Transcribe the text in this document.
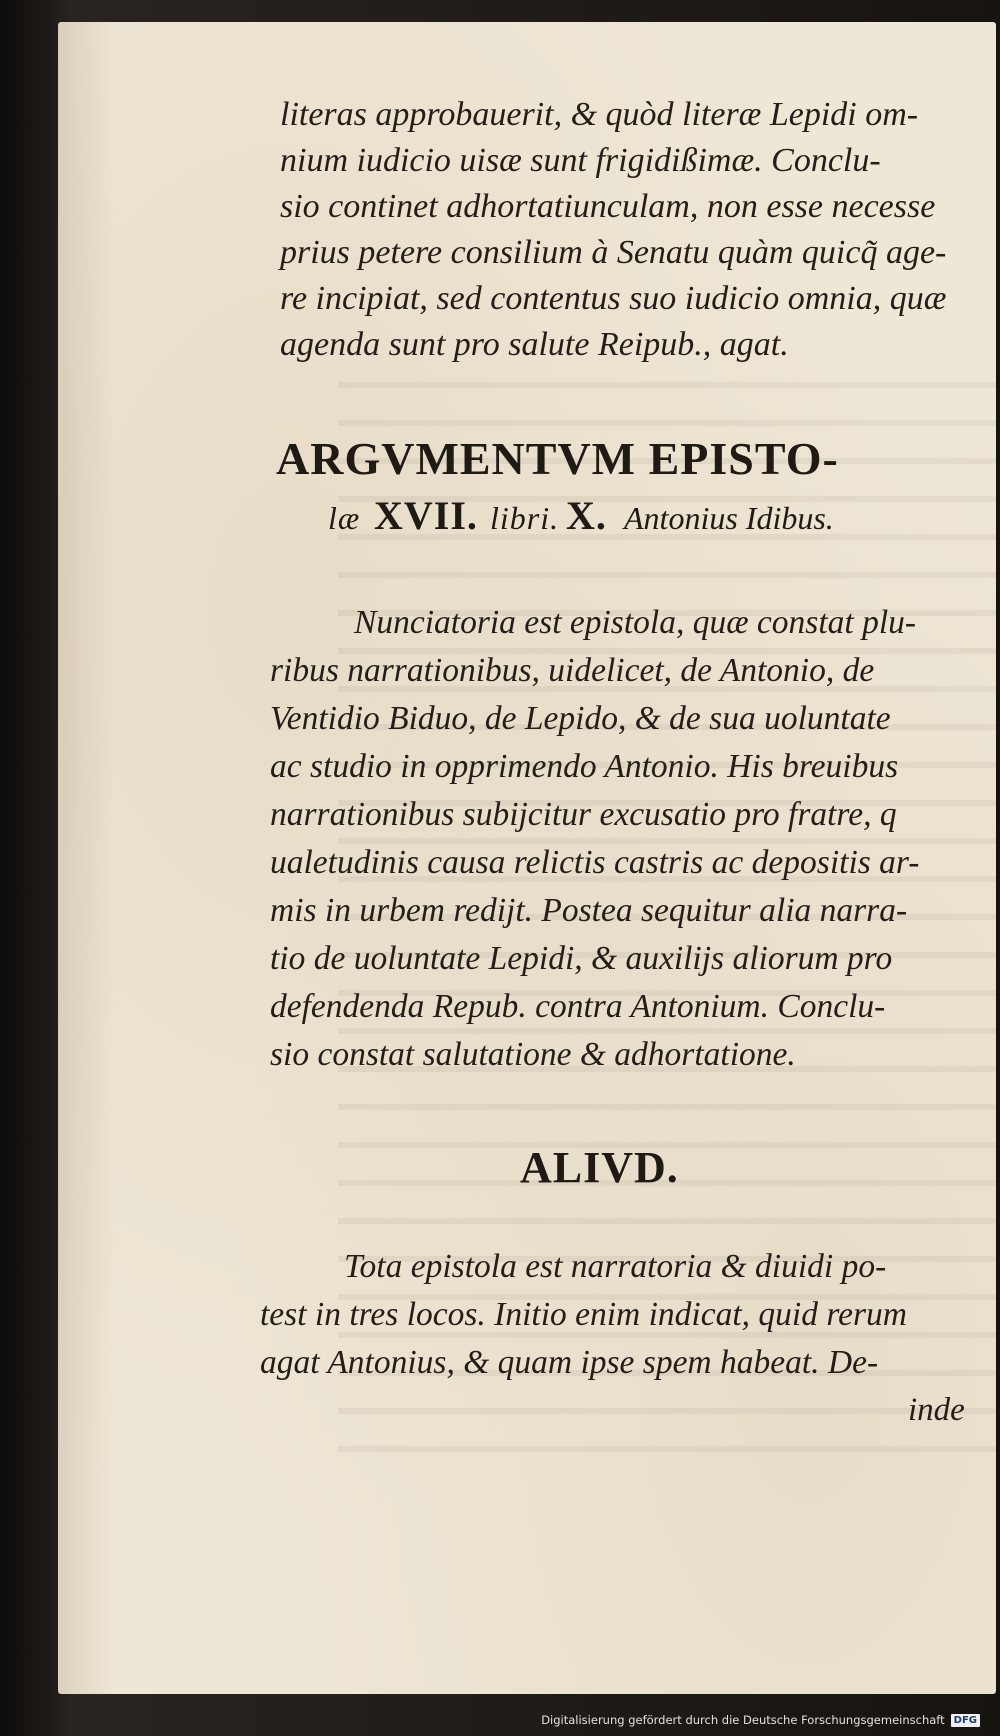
literas approbauerit, & quòd literæ Lepidi om-
nium iudicio uisæ sunt frigidißimæ. Conclu-
sio continet adhortatiunculam, non esse necesse
prius petere consilium à Senatu quàm quicq̃ age-
re incipiat, sed contentus suo iudicio omnia, quæ
agenda sunt pro salute Reipub., agat.
ARGVMENTVM EPISTO-
læ XVII. libri. X. Antonius Idibus.
Nunciatoria est epistola, quæ constat plu-
ribus narrationibus, uidelicet, de Antonio, de
Ventidio Biduo, de Lepido, & de sua uoluntate
ac studio in opprimendo Antonio. His breuibus
narrationibus subijcitur excusatio pro fratre, q
ualetudinis causa relictis castris ac depositis ar-
mis in urbem redijt. Postea sequitur alia narra-
tio de uoluntate Lepidi, & auxilijs aliorum pro
defendenda Repub. contra Antonium. Conclu-
sio constat salutatione & adhortatione.
ALIVD.
Tota epistola est narratoria & diuidi po-
test in tres locos. Initio enim indicat, quid rerum
agat Antonius, & quam ipse spem habeat. De-
inde
Digitalisierung gefördert durch die Deutsche Forschungsgemeinschaft DFG
